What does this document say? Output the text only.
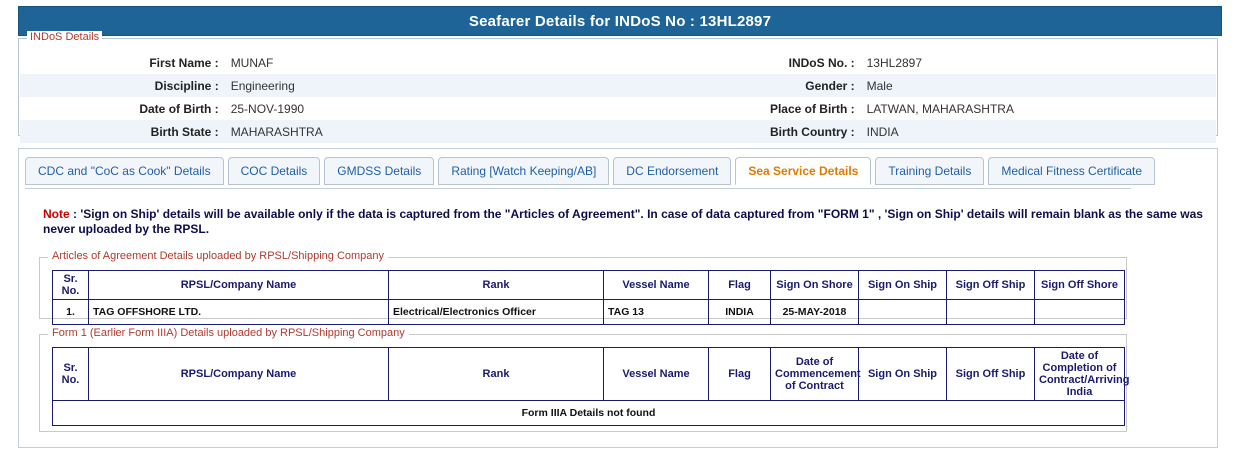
Seafarer Details for INDoS No : 13HL2897
INDoS Details
First Name :	MUNAF	INDoS No. :	13HL2897
Discipline :	Engineering	Gender :	Male
Date of Birth :	25-NOV-1990	Place of Birth :	LATWAN, MAHARASHTRA
Birth State :	MAHARASHTRA	Birth Country :	INDIA
CDC and "CoC as Cook" Details	COC Details	GMDSS Details	Rating [Watch Keeping/AB]	DC Endorsement	Sea Service Details	Training Details	Medical Fitness Certificate
Note : 'Sign on Ship' details will be available only if the data is captured from the "Articles of Agreement". In case of data captured from "FORM 1" , 'Sign on Ship' details will remain blank as the same was never uploaded by the RPSL.
Articles of Agreement Details uploaded by RPSL/Shipping Company
Sr. No.	RPSL/Company Name	Rank	Vessel Name	Flag	Sign On Shore	Sign On Ship	Sign Off Ship	Sign Off Shore
1.	TAG OFFSHORE LTD.	Electrical/Electronics Officer	TAG 13	INDIA	25-MAY-2018			
Form 1 (Earlier Form IIIA) Details uploaded by RPSL/Shipping Company
Sr. No.	RPSL/Company Name	Rank	Vessel Name	Flag	Date of Commencement of Contract	Sign On Ship	Sign Off Ship	Date of Completion of Contract/Arriving India
Form IIIA Details not found
